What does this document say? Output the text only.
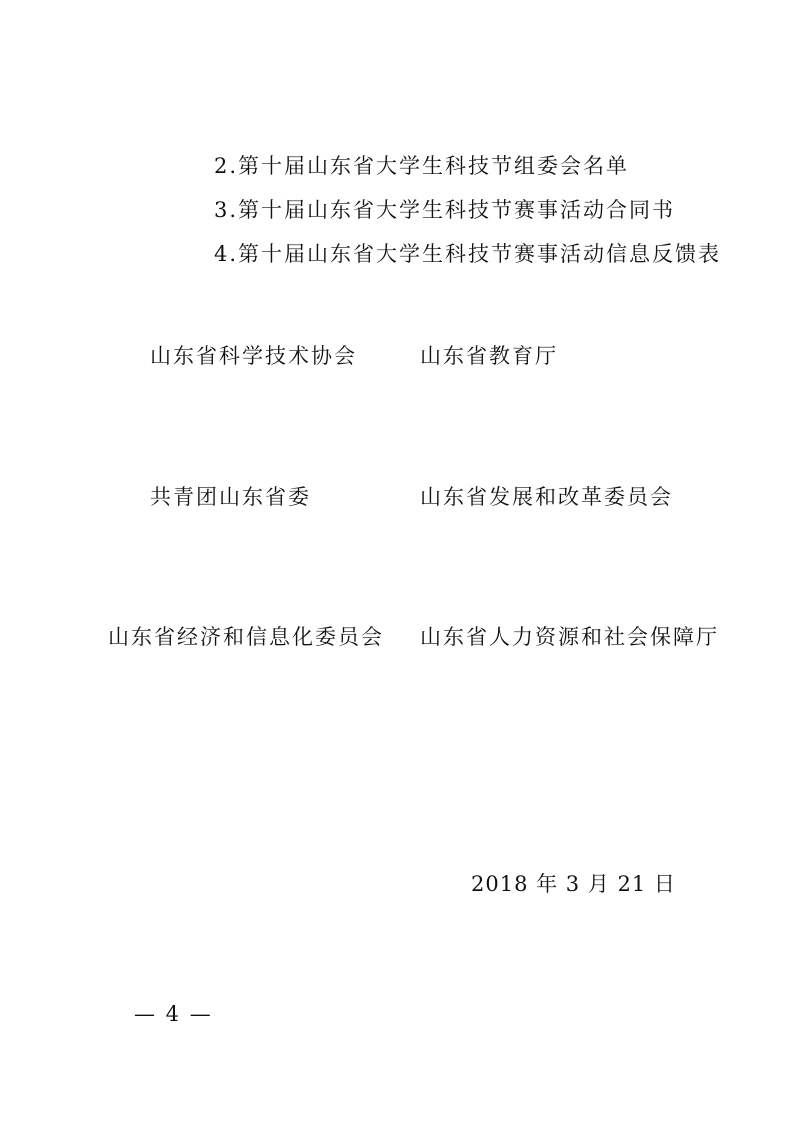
2.第十届山东省大学生科技节组委会名单
3.第十届山东省大学生科技节赛事活动合同书
4.第十届山东省大学生科技节赛事活动信息反馈表
山东省科学技术协会	山东省教育厅
共青团山东省委	山东省发展和改革委员会
山东省经济和信息化委员会 山东省人力资源和社会保障厅
2018 年 3 月 21 日
— 4 —
